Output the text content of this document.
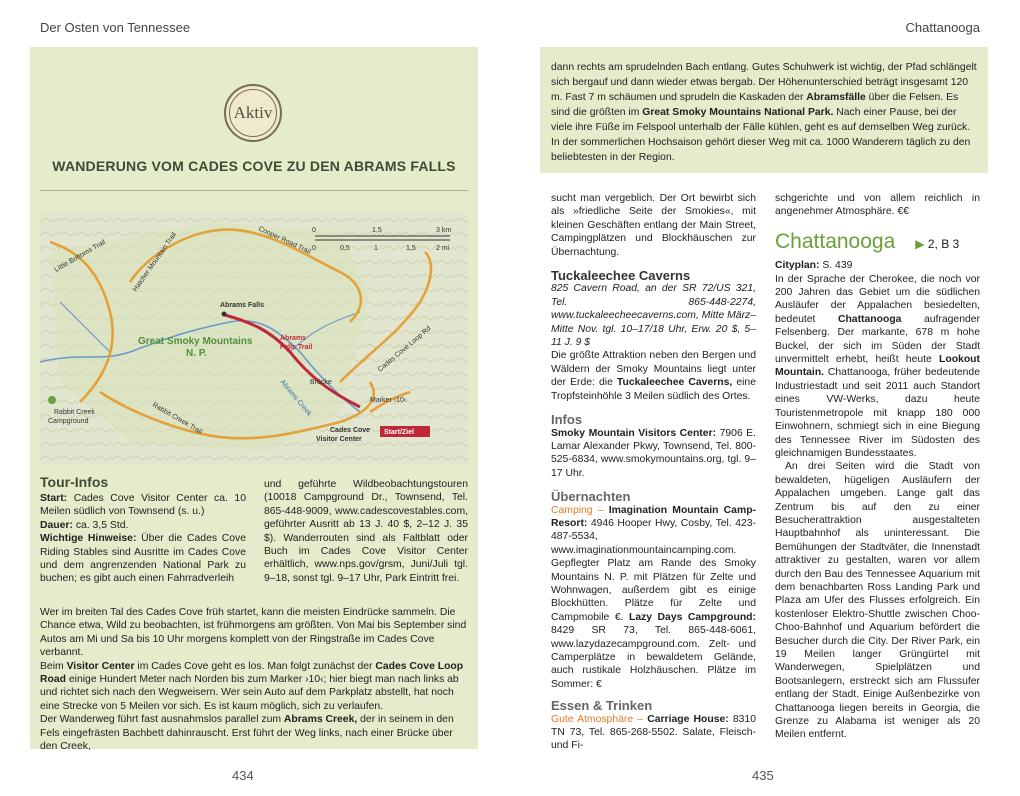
Der Osten von Tennessee	Chattanooga
Aktiv
WANDERUNG VOM CADES COVE ZU DEN ABRAMS FALLS
0	1,5	3 km
0	0,5	1	1,5	2 mi
Abrams Falls
Abrams
Falls Trail
Great Smoky Mountains
N. P.
Brücke
Abrams Creek	Marker ›10‹
Cades Cove
Visitor Center
Start/Ziel
Rabbit Creek
Campground	Rabbit Creek Trail
Cades Cove Loop Rd
Cooper Road Trail
Hatcher Mountain Trail
Little Bottoms Trail
Tour-Infos
Start: Cades Cove Visitor Center ca. 10 Meilen südlich von Townsend (s. u.)
Dauer: ca. 3,5 Std.
Wichtige Hinweise: Über die Cades Cove Riding Stables sind Ausritte im Cades Cove und dem angrenzenden National Park zu buchen; es gibt auch einen Fahrradverleih
und geführte Wildbeobachtungstouren (10018 Campground Dr., Townsend, Tel. 865-448-9009, www.cadescovestables.com, geführter Ausritt ab 13 J. 40 $, 2–12 J. 35 $). Wanderrouten sind als Faltblatt oder Buch im Cades Cove Visitor Center erhältlich, www.nps.gov/grsm, Juni/Juli tgl. 9–18, sonst tgl. 9–17 Uhr, Park Eintritt frei.
Wer im breiten Tal des Cades Cove früh startet, kann die meisten Eindrücke sammeln. Die Chance etwa, Wild zu beobachten, ist frühmorgens am größten. Von Mai bis September sind Autos am Mi und Sa bis 10 Uhr morgens komplett von der Ringstraße im Cades Cove verbannt.
Beim Visitor Center im Cades Cove geht es los. Man folgt zunächst der Cades Cove Loop Road einige Hundert Meter nach Norden bis zum Marker ›10‹; hier biegt man nach links ab und richtet sich nach den Wegweisern. Wer sein Auto auf dem Parkplatz abstellt, hat noch eine Strecke von 5 Meilen vor sich. Es ist kaum möglich, sich zu verlaufen.
Der Wanderweg führt fast ausnahmslos parallel zum Abrams Creek, der in seinem in den Fels eingefrästen Bachbett dahinrauscht. Erst führt der Weg links, nach einer Brücke über den Creek,
434
dann rechts am sprudelnden Bach entlang. Gutes Schuhwerk ist wichtig, der Pfad schlängelt sich bergauf und dann wieder etwas bergab. Der Höhenunterschied beträgt insgesamt 120 m. Fast 7 m schäumen und sprudeln die Kaskaden der Abramsfälle über die Felsen. Es sind die größten im Great Smoky Mountains National Park. Nach einer Pause, bei der viele ihre Füße im Felspool unterhalb der Fälle kühlen, geht es auf demselben Weg zurück. In der sommerlichen Hochsaison gehört dieser Weg mit ca. 1000 Wanderern täglich zu den beliebtesten in der Region.
sucht man vergeblich. Der Ort bewirbt sich als »friedliche Seite der Smokies«, mit kleinen Geschäften entlang der Main Street, Campingplätzen und Blockhäuschen zur Übernachtung.
Tuckaleechee Caverns
825 Cavern Road, an der SR 72/US 321, Tel. 865-448-2274, www.tuckaleecheecaverns.com, Mitte März–Mitte Nov. tgl. 10–17/18 Uhr, Erw. 20 $, 5–11 J. 9 $
Die größte Attraktion neben den Bergen und Wäldern der Smoky Mountains liegt unter der Erde: die Tuckaleechee Caverns, eine Tropfsteinhöhle 3 Meilen südlich des Ortes.
Infos
Smoky Mountain Visitors Center: 7906 E. Lamar Alexander Pkwy, Townsend, Tel. 800-525-6834, www.smokymountains.org, tgl. 9–17 Uhr.
Übernachten
Camping – Imagination Mountain Camp-Resort: 4946 Hooper Hwy, Cosby, Tel. 423-487-5534, www.imaginationmountaincamping.com. Gepflegter Platz am Rande des Smoky Mountains N. P. mit Plätzen für Zelte und Wohnwagen, außerdem gibt es einige Blockhütten. Plätze für Zelte und Campmobile €. Lazy Days Campground: 8429 SR 73, Tel. 865-448-6061, www.lazydazecampground.com. Zelt- und Camperplätze in bewaldetem Gelände, auch rustikale Holzhäuschen. Plätze im Sommer: €
Essen & Trinken
Gute Atmosphäre – Carriage House: 8310 TN 73, Tel. 865-268-5502. Salate, Fleisch- und Fi-
schgerichte und von allem reichlich in angenehmer Atmosphäre. €€
Chattanooga ▶ 2, B 3
Cityplan: S. 439
In der Sprache der Cherokee, die noch vor 200 Jahren das Gebiet um die südlichen Ausläufer der Appalachen besiedelten, bedeutet Chattanooga aufragender Felsenberg. Der markante, 678 m hohe Buckel, der sich im Süden der Stadt unvermittelt erhebt, heißt heute Lookout Mountain. Chattanooga, früher bedeutende Industriestadt und seit 2011 auch Standort eines VW-Werks, dazu heute Touristenmetropole mit knapp 180 000 Einwohnern, schmiegt sich in eine Biegung des Tennessee River im Südosten des gleichnamigen Bundesstaates.
An drei Seiten wird die Stadt von bewaldeten, hügeligen Ausläufern der Appalachen umgeben. Lange galt das Zentrum bis auf den zu einer Besucherattraktion ausgestalteten Hauptbahnhof als uninteressant. Die Bemühungen der Stadtväter, die Innenstadt attraktiver zu gestalten, waren vor allem durch den Bau des Tennessee Aquarium mit dem benachbarten Ross Landing Park und Plaza am Ufer des Flusses erfolgreich. Ein kostenloser Elektro-Shuttle zwischen Choo-Choo-Bahnhof und Aquarium befördert die Besucher durch die City. Der River Park, ein 19 Meilen langer Grüngürtel mit Wanderwegen, Spielplätzen und Bootsanlegern, erstreckt sich am Flussufer entlang der Stadt. Einige Außenbezirke von Chattanooga liegen bereits in Georgia, die Grenze zu Alabama ist weniger als 20 Meilen entfernt.
435
